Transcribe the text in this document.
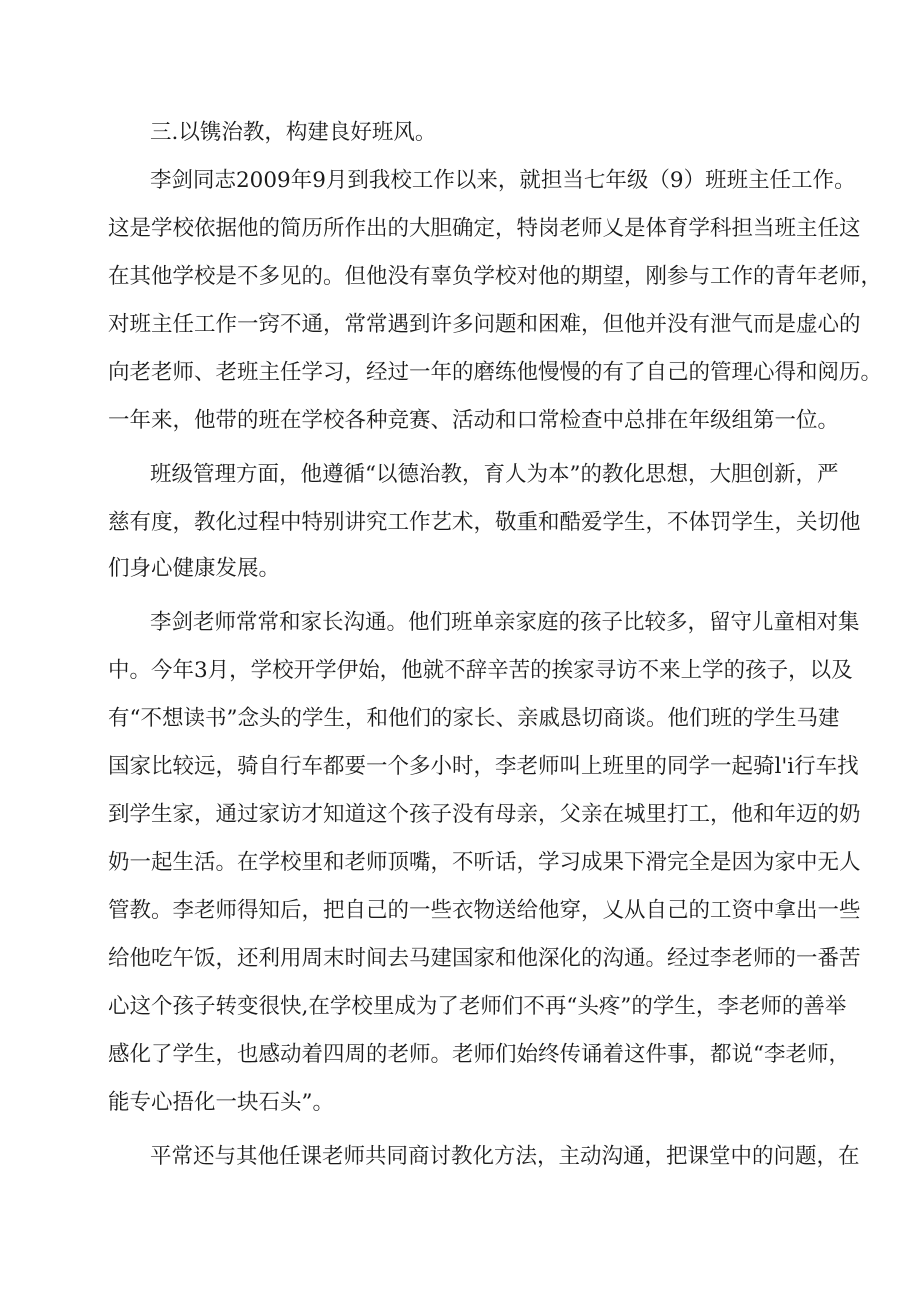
三.以镌治教，构建良好班风。
李剑同志2009年9月到我校工作以来，就担当七年级（9）班班主任工作。
这是学校依据他的简历所作出的大胆确定，特岗老师乂是体育学科担当班主任这
在其他学校是不多见的。但他没有辜负学校对他的期望，刚参与工作的青年老师，
对班主任工作一窍不通，常常遇到许多问题和困难，但他并没有泄气而是虚心的
向老老师、老班主任学习，经过一年的磨练他慢慢的有了自己的管理心得和阅历。
一年来，他带的班在学校各种竞赛、活动和口常检查中总排在年级组第一位。
班级管理方面，他遵循“以德治教，育人为本”的教化思想，大胆创新，严
慈有度，教化过程中特别讲究工作艺术，敬重和酷爱学生，不体罚学生，关切他
们身心健康发展。
李剑老师常常和家长沟通。他们班单亲家庭的孩子比较多，留守儿童相对集
中。今年3月，学校开学伊始，他就不辞辛苦的挨家寻访不来上学的孩子，以及
有“不想读书”念头的学生，和他们的家长、亲戚恳切商谈。他们班的学生马建
国家比较远，骑自行车都要一个多小时，李老师叫上班里的同学一起骑l'i行车找
到学生家，通过家访才知道这个孩子没有母亲，父亲在城里打工，他和年迈的奶
奶一起生活。在学校里和老师顶嘴，不听话，学习成果下滑完全是因为家中无人
管教。李老师得知后，把自己的一些衣物送给他穿，乂从自己的工资中拿出一些
给他吃午饭，还利用周末时间去马建国家和他深化的沟通。经过李老师的一番苦
心这个孩子转变很快,在学校里成为了老师们不再“头疼”的学生，李老师的善举
感化了学生，也感动着四周的老师。老师们始终传诵着这件事，都说“李老师，
能专心捂化一块石头”。
平常还与其他任课老师共同商讨教化方法，主动沟通，把课堂中的问题，在
